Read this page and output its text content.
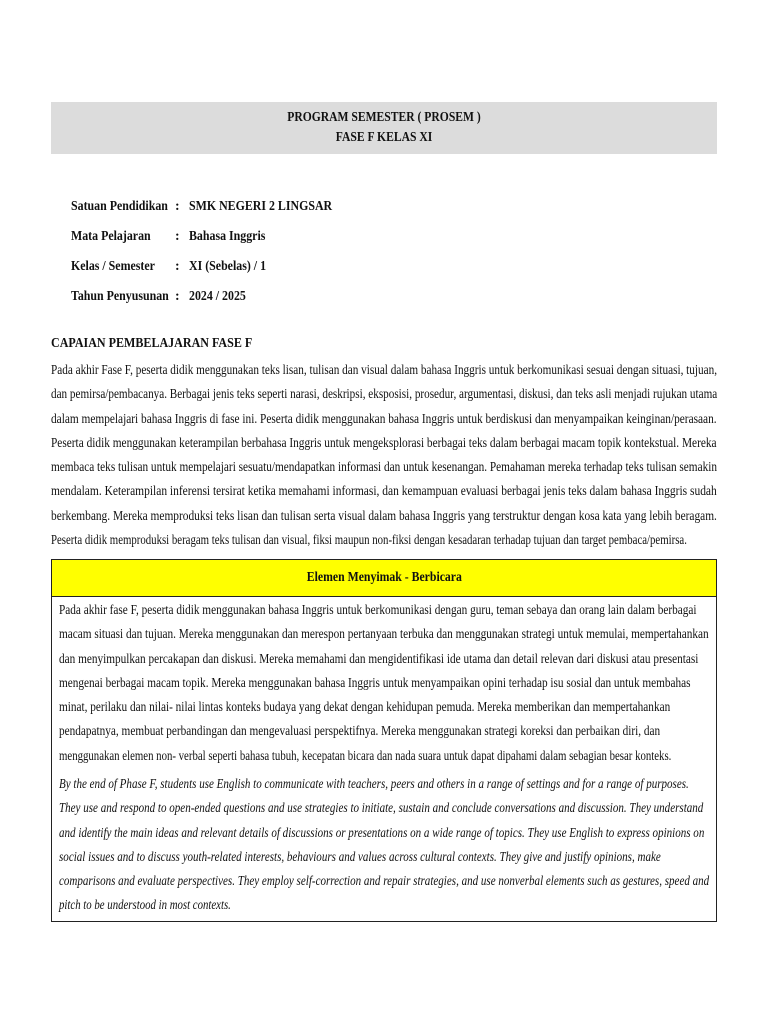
PROGRAM SEMESTER ( PROSEM )
FASE F KELAS XI
Satuan Pendidikan : SMK NEGERI 2 LINGSAR
Mata Pelajaran	: Bahasa Inggris
Kelas / Semester	: XI (Sebelas) / 1
Tahun Penyusunan : 2024 / 2025
CAPAIAN PEMBELAJARAN FASE F
Pada akhir Fase F, peserta didik menggunakan teks lisan, tulisan dan visual dalam bahasa Inggris untuk berkomunikasi sesuai dengan situasi, tujuan,
dan pemirsa/pembacanya. Berbagai jenis teks seperti narasi, deskripsi, eksposisi, prosedur, argumentasi, diskusi, dan teks asli menjadi rujukan utama
dalam mempelajari bahasa Inggris di fase ini. Peserta didik menggunakan bahasa Inggris untuk berdiskusi dan menyampaikan keinginan/perasaan.
Peserta didik menggunakan keterampilan berbahasa Inggris untuk mengeksplorasi berbagai teks dalam berbagai macam topik kontekstual. Mereka
membaca teks tulisan untuk mempelajari sesuatu/mendapatkan informasi dan untuk kesenangan. Pemahaman mereka terhadap teks tulisan semakin
mendalam. Keterampilan inferensi tersirat ketika memahami informasi, dan kemampuan evaluasi berbagai jenis teks dalam bahasa Inggris sudah
berkembang. Mereka memproduksi teks lisan dan tulisan serta visual dalam bahasa Inggris yang terstruktur dengan kosa kata yang lebih beragam.
Peserta didik memproduksi beragam teks tulisan dan visual, fiksi maupun non-fiksi dengan kesadaran terhadap tujuan dan target pembaca/pemirsa.
Elemen Menyimak - Berbicara
Pada akhir fase F, peserta didik menggunakan bahasa Inggris untuk berkomunikasi dengan guru, teman sebaya dan orang lain dalam berbagai
macam situasi dan tujuan. Mereka menggunakan dan merespon pertanyaan terbuka dan menggunakan strategi untuk memulai, mempertahankan
dan menyimpulkan percakapan dan diskusi. Mereka memahami dan mengidentifikasi ide utama dan detail relevan dari diskusi atau presentasi
mengenai berbagai macam topik. Mereka menggunakan bahasa Inggris untuk menyampaikan opini terhadap isu sosial dan untuk membahas
minat, perilaku dan nilai- nilai lintas konteks budaya yang dekat dengan kehidupan pemuda. Mereka memberikan dan mempertahankan
pendapatnya, membuat perbandingan dan mengevaluasi perspektifnya. Mereka menggunakan strategi koreksi dan perbaikan diri, dan
menggunakan elemen non- verbal seperti bahasa tubuh, kecepatan bicara dan nada suara untuk dapat dipahami dalam sebagian besar konteks.
By the end of Phase F, students use English to communicate with teachers, peers and others in a range of settings and for a range of purposes.
They use and respond to open-ended questions and use strategies to initiate, sustain and conclude conversations and discussion. They understand
and identify the main ideas and relevant details of discussions or presentations on a wide range of topics. They use English to express opinions on
social issues and to discuss youth-related interests, behaviours and values across cultural contexts. They give and justify opinions, make
comparisons and evaluate perspectives. They employ self-correction and repair strategies, and use nonverbal elements such as gestures, speed and
pitch to be understood in most contexts.
